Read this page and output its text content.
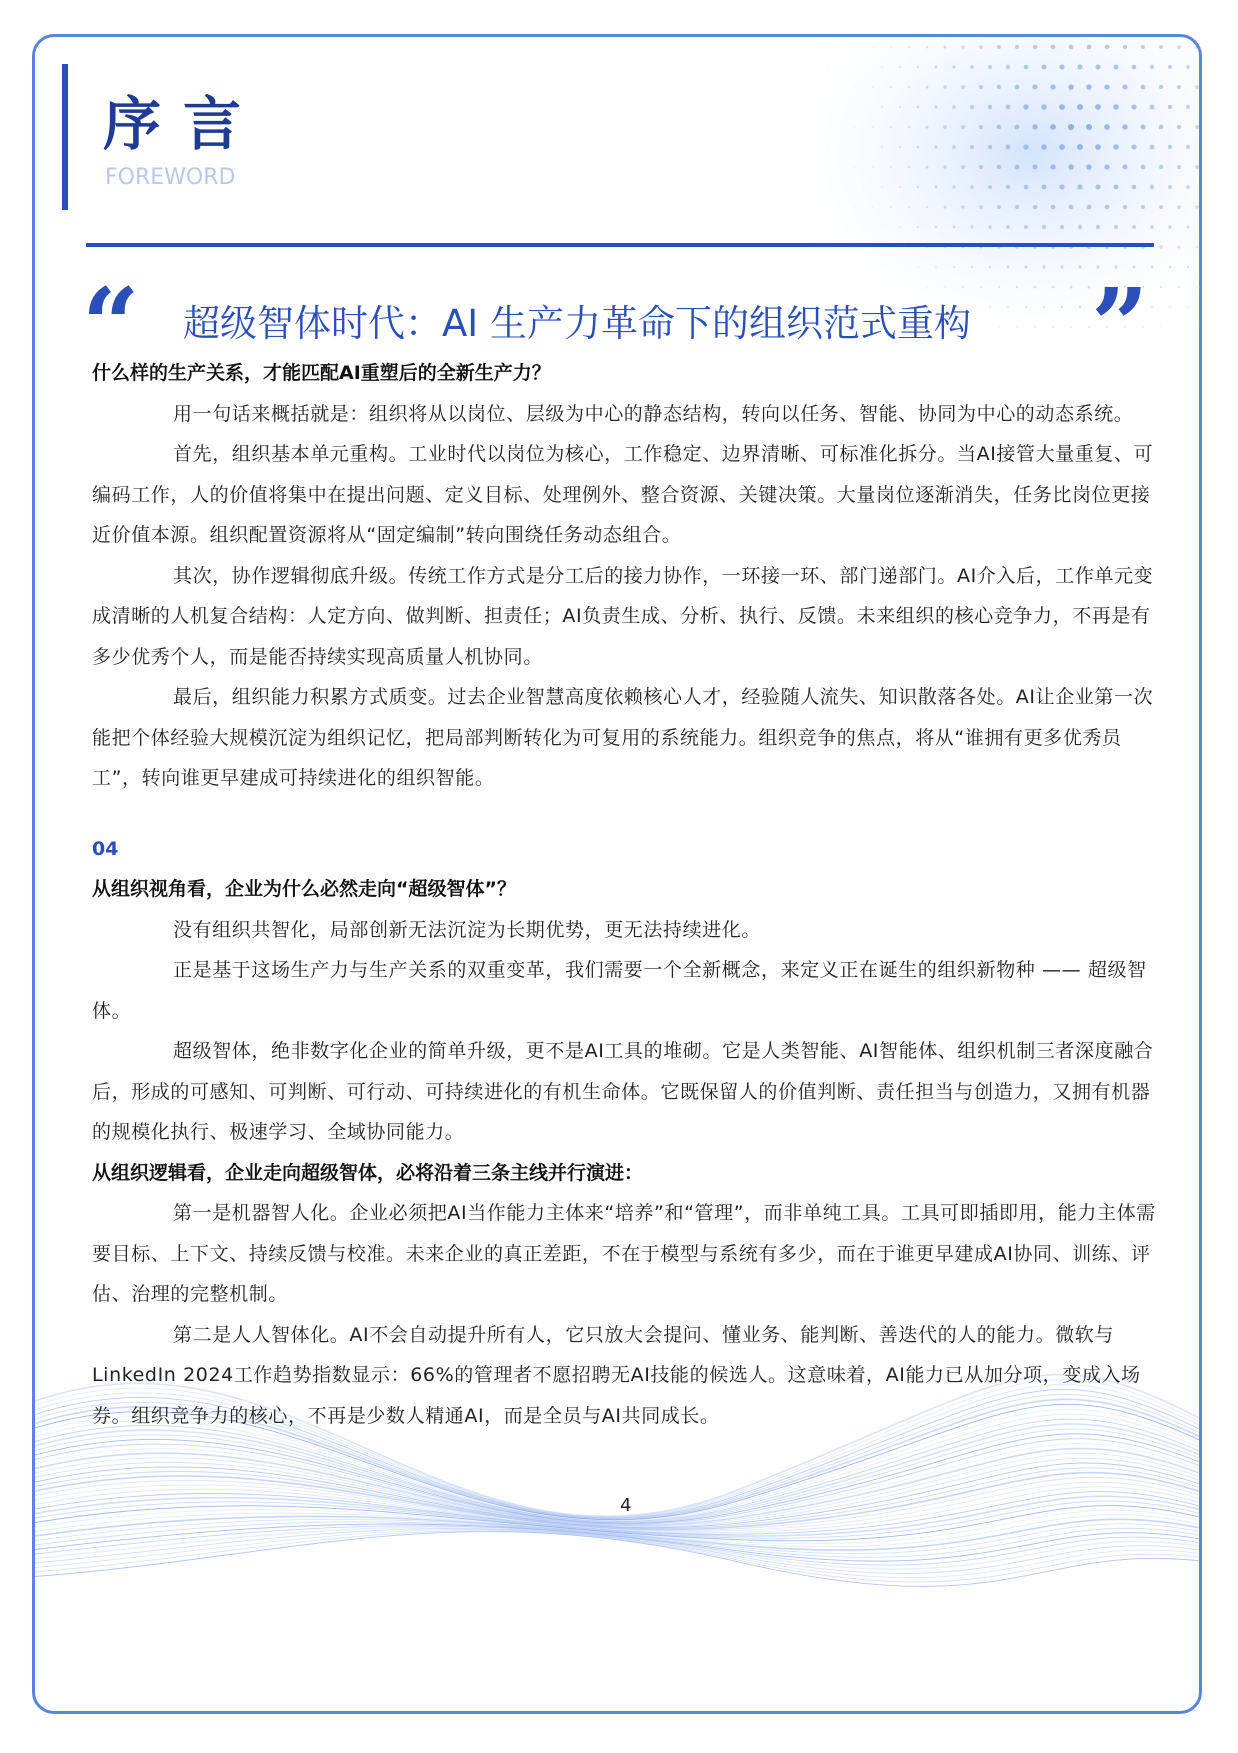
序言
FOREWORD
“ 超级智体时代：AI 生产力革命下的组织范式重构 ”

什么样的生产关系，才能匹配AI重塑后的全新生产力？

用一句话来概括就是：组织将从以岗位、层级为中心的静态结构，转向以任务、智能、协同为中心的动态系统。

首先，组织基本单元重构。工业时代以岗位为核心，工作稳定、边界清晰、可标准化拆分。当AI接管大量重复、可编码工作，人的价值将集中在提出问题、定义目标、处理例外、整合资源、关键决策。大量岗位逐渐消失，任务比岗位更接近价值本源。组织配置资源将从“固定编制”转向围绕任务动态组合。

其次，协作逻辑彻底升级。传统工作方式是分工后的接力协作，一环接一环、部门递部门。AI介入后，工作单元变成清晰的人机复合结构：人定方向、做判断、担责任；AI负责生成、分析、执行、反馈。未来组织的核心竞争力，不再是有多少优秀个人，而是能否持续实现高质量人机协同。

最后，组织能力积累方式质变。过去企业智慧高度依赖核心人才，经验随人流失、知识散落各处。AI让企业第一次能把个体经验大规模沉淀为组织记忆，把局部判断转化为可复用的系统能力。组织竞争的焦点，将从“谁拥有更多优秀员工”，转向谁更早建成可持续进化的组织智能。

04

从组织视角看，企业为什么必然走向“超级智体”？

没有组织共智化，局部创新无法沉淀为长期优势，更无法持续进化。

正是基于这场生产力与生产关系的双重变革，我们需要一个全新概念，来定义正在诞生的组织新物种 —— 超级智体。

超级智体，绝非数字化企业的简单升级，更不是AI工具的堆砌。它是人类智能、AI智能体、组织机制三者深度融合后，形成的可感知、可判断、可行动、可持续进化的有机生命体。它既保留人的价值判断、责任担当与创造力，又拥有机器的规模化执行、极速学习、全域协同能力。

从组织逻辑看，企业走向超级智体，必将沿着三条主线并行演进：

第一是机器智人化。企业必须把AI当作能力主体来“培养”和“管理”，而非单纯工具。工具可即插即用，能力主体需要目标、上下文、持续反馈与校准。未来企业的真正差距，不在于模型与系统有多少，而在于谁更早建成AI协同、训练、评估、治理的完整机制。

第二是人人智体化。AI不会自动提升所有人，它只放大会提问、懂业务、能判断、善迭代的人的能力。微软与LinkedIn 2024工作趋势指数显示：66%的管理者不愿招聘无AI技能的候选人。这意味着，AI能力已从加分项，变成入场券。组织竞争力的核心，不再是少数人精通AI，而是全员与AI共同成长。

4
